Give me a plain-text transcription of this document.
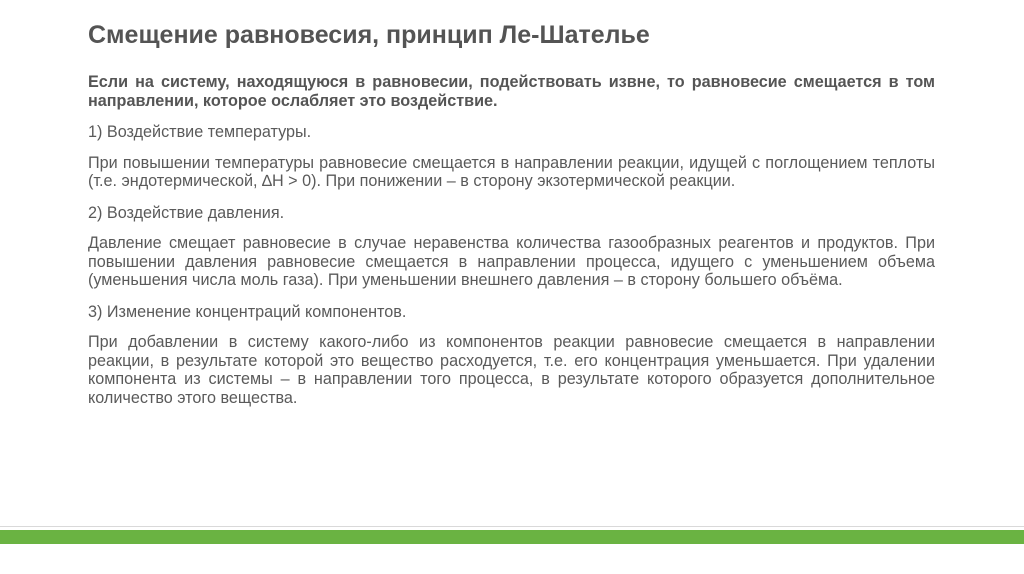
Смещение равновесия, принцип Ле-Шателье

Если на систему, находящуюся в равновесии, подействовать извне, то равновесие смещается в том направлении, которое ослабляет это воздействие.

1) Воздействие температуры.

При повышении температуры равновесие смещается в направлении реакции, идущей с поглощением теплоты (т.е. эндотермической, ∆H > 0). При понижении – в сторону экзотермической реакции.

2) Воздействие давления.

Давление смещает равновесие в случае неравенства количества газообразных реагентов и продуктов. При повышении давления равновесие смещается в направлении процесса, идущего с уменьшением объема (уменьшения числа моль газа). При уменьшении внешнего давления – в сторону большего объёма.

3) Изменение концентраций компонентов.

При добавлении в систему какого-либо из компонентов реакции равновесие смещается в направлении реакции, в результате которой это вещество расходуется, т.е. его концентрация уменьшается. При удалении компонента из системы – в направлении того процесса, в результате которого образуется дополнительное количество этого вещества.
